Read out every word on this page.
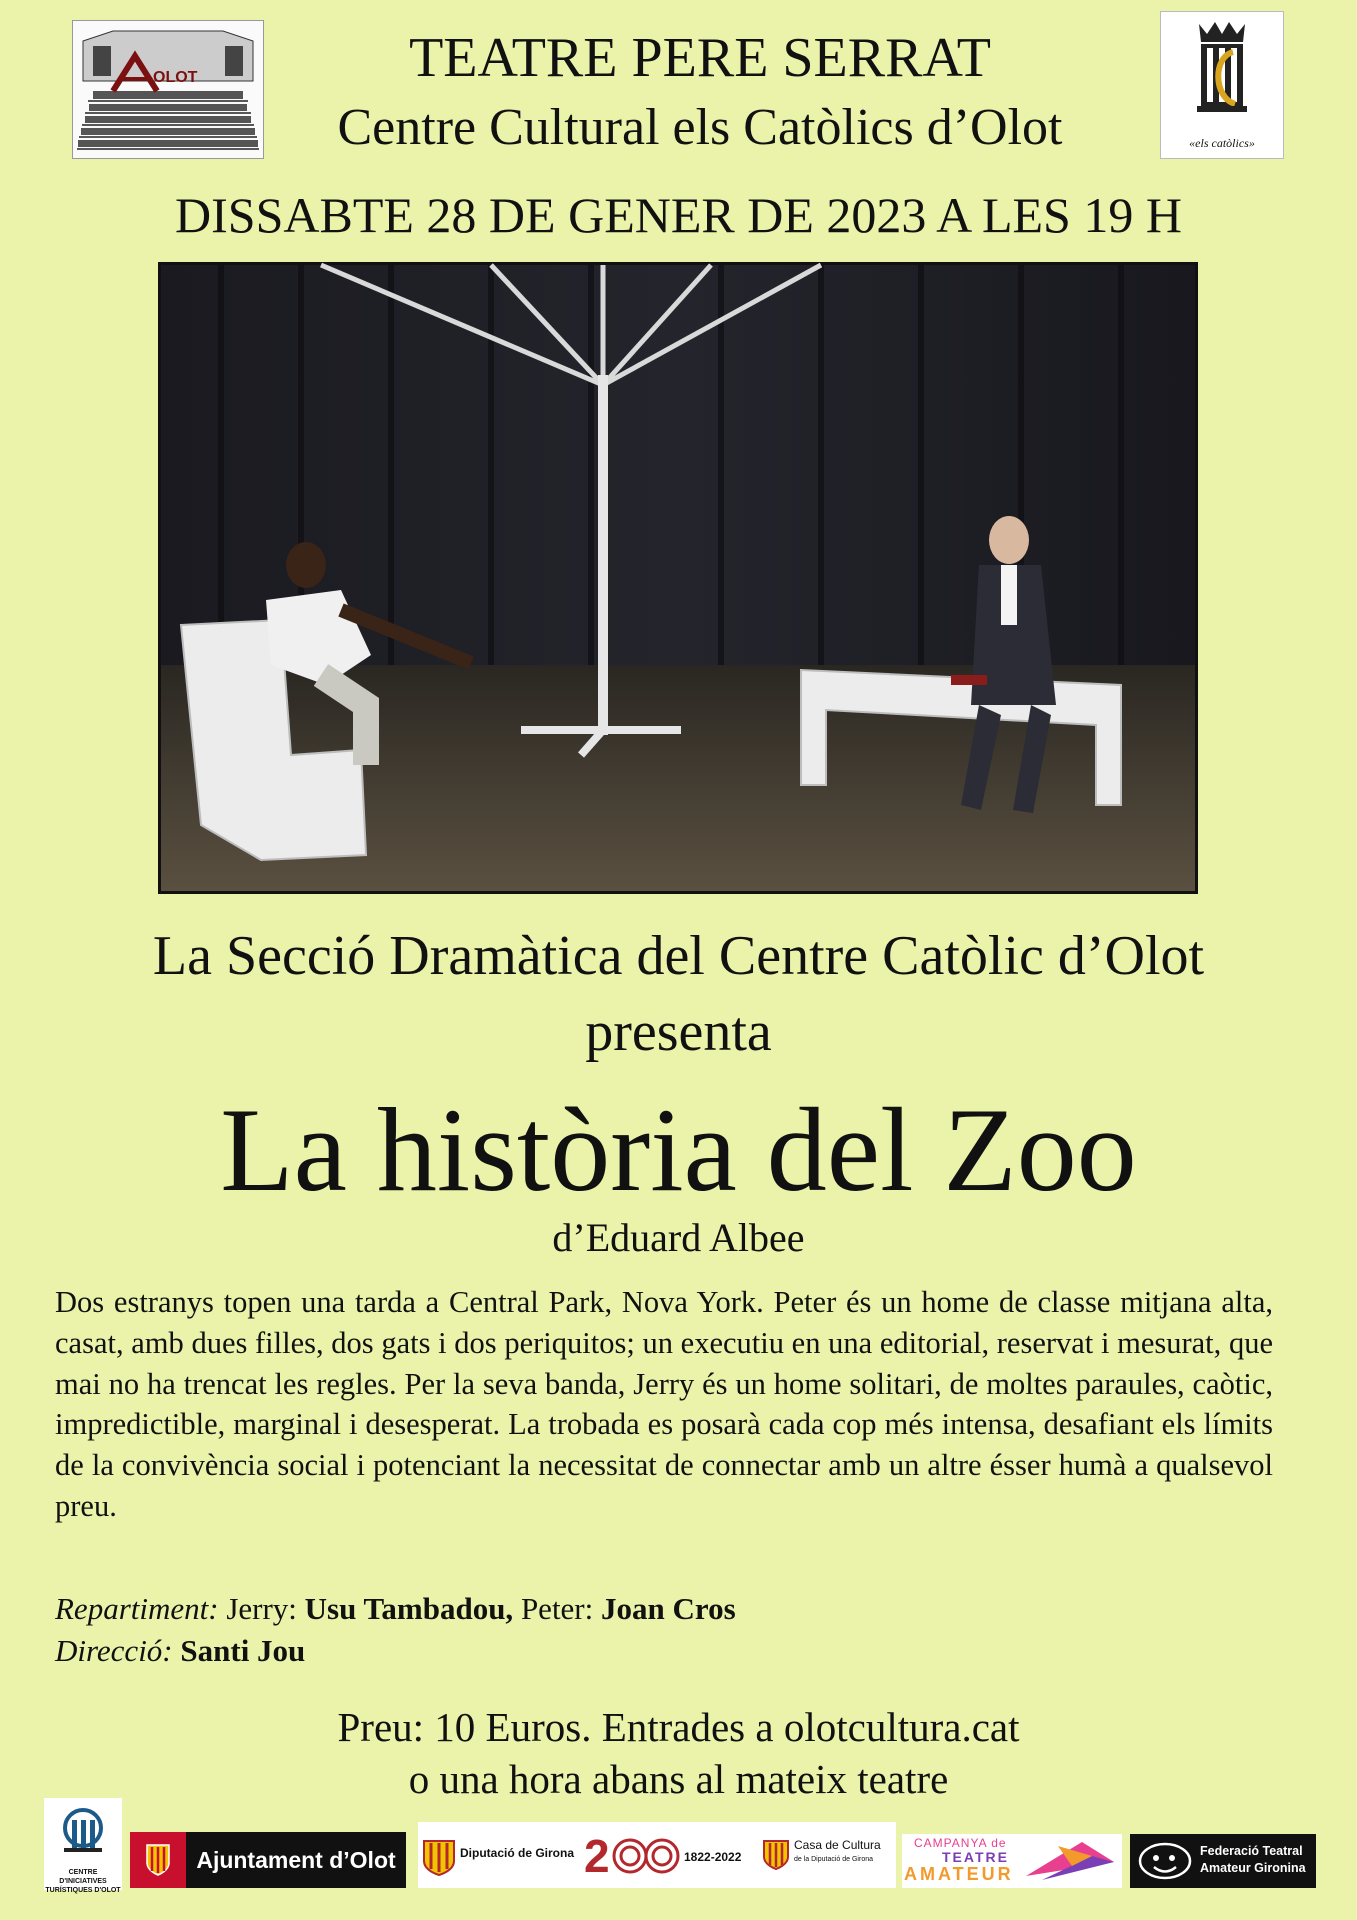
OLOT
«els catòlics»
TEATRE PERE SERRAT
Centre Cultural els Catòlics d’Olot
DISSABTE 28 DE GENER DE 2023 A LES 19 H
La Secció Dramàtica del Centre Catòlic d’Olot
presenta
La història del Zoo
d’Eduard Albee
Dos estranys topen una tarda a Central Park, Nova York. Peter és un home de classe mitjana alta, casat, amb dues filles, dos gats i dos periquitos; un executiu en una editorial, reservat i mesurat, que mai no ha trencat les regles. Per la seva banda, Jerry és un home solitari, de moltes paraules, caòtic, impredictible, marginal i desesperat. La trobada es posarà cada cop més intensa, desafiant els límits de la convivència social i potenciant la necessitat de connectar amb un altre ésser humà a qualsevol preu.
Repartiment: Jerry: Usu Tambadou, Peter: Joan Cros
Direcció: Santi Jou
Preu: 10 Euros. Entrades a olotcultura.cat
o una hora abans al mateix teatre
CENTRE D'INICIATIVES TURÍSTIQUES D'OLOT
Ajuntament d’Olot	Diputació de Girona 2	1822-2022
Casa de Cultura
de la Diputació de Girona
CAMPANYA de
TEATRE
AMATEUR
Federació Teatral
Amateur Gironina
